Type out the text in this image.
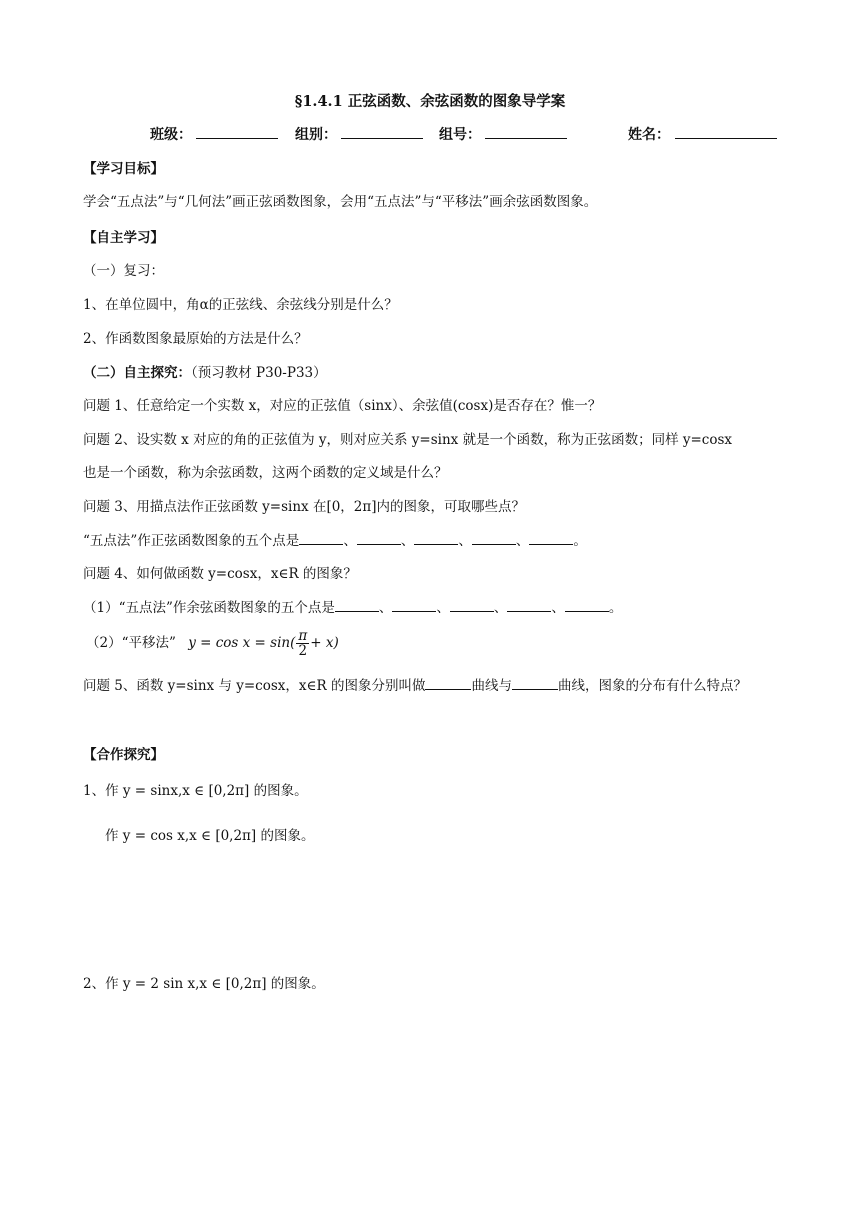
§1.4.1 正弦函数、余弦函数的图象导学案
班级：	组别：	组号：	姓名：
【学习目标】
学会“五点法”与“几何法”画正弦函数图象，会用“五点法”与“平移法”画余弦函数图象。
【自主学习】
（一）复习：
1、在单位圆中，角α的正弦线、余弦线分别是什么？
2、作函数图象最原始的方法是什么？
（二）自主探究：（预习教材 P30-P33）
问题 1、任意给定一个实数 x，对应的正弦值（sinx）、余弦值(cosx)是否存在？惟一？
问题 2、设实数 x 对应的角的正弦值为 y，则对应关系 y=sinx 就是一个函数，称为正弦函数；同样 y=cosx
也是一个函数，称为余弦函数，这两个函数的定义域是什么？
问题 3、用描点法作正弦函数 y=sinx 在[0，2π]内的图象，可取哪些点？
“五点法”作正弦函数图象的五个点是	、	、	、	、	。
问题 4、如何做函数 y=cosx，x∈R 的图象？
（1）“五点法”作余弦函数图象的五个点是	、	、	、	、	。
（2）“平移法” $y = \cos x = \sin( \frac{\pi}{2} + x)$
问题 5、函数 y=sinx 与 y=cosx，x∈R 的图象分别叫做	曲线与	曲线，图象的分布有什么特点？
【合作探究】
1、作 y = sinx,x ∈ [0,2π] 的图象。
作 y = cos x,x ∈ [0,2π] 的图象。
2、作 y = 2 sin x,x ∈ [0,2π] 的图象。
